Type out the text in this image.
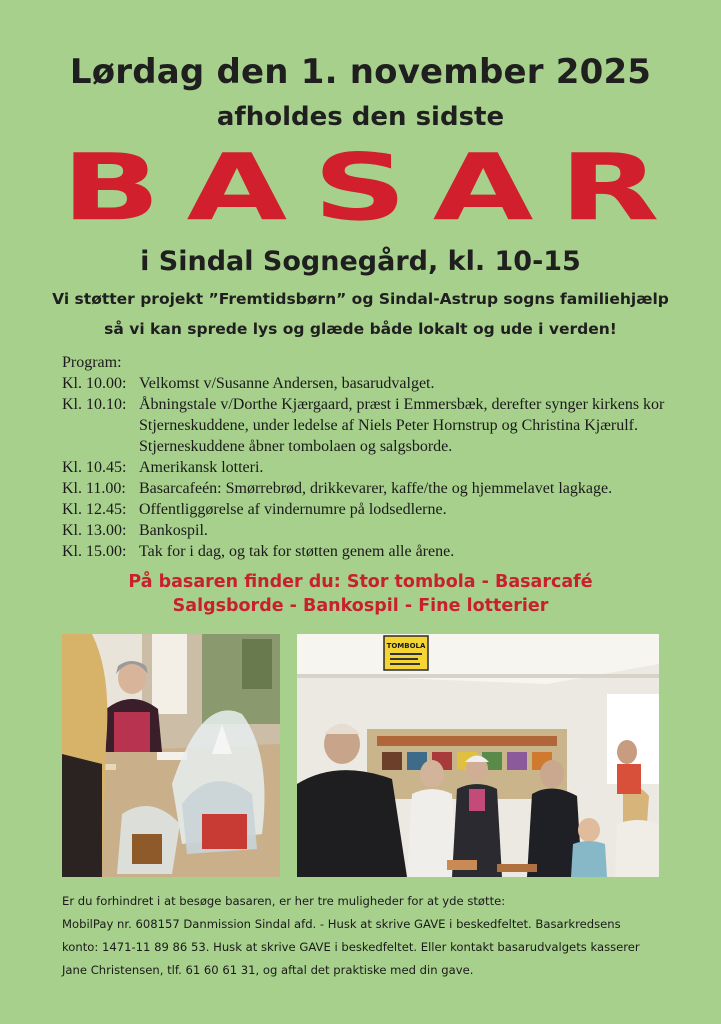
Lørdag den 1. november 2025
afholdes den sidste
BASAR
i Sindal Sognegård, kl. 10-15
Vi støtter projekt ”Fremtidsbørn” og Sindal-Astrup sogns familiehjælp
så vi kan sprede lys og glæde både lokalt og ude i verden!
Program:
Kl. 10.00: Velkomst v/Susanne Andersen, basarudvalget.
Kl. 10.10: Åbningstale v/Dorthe Kjærgaard, præst i Emmersbæk, derefter synger kirkens kor Stjerneskuddene, under ledelse af Niels Peter Hornstrup og Christina Kjærulf. Stjerneskuddene åbner tombolaen og salgsborde.
Kl. 10.45: Amerikansk lotteri.
Kl. 11.00: Basarcafeén: Smørrebrød, drikkevarer, kaffe/the og hjemmelavet lagkage.
Kl. 12.45: Offentliggørelse af vindernumre på lodsedlerne.
Kl. 13.00: Bankospil.
Kl. 15.00: Tak for i dag, og tak for støtten genem alle årene.
På basaren finder du: Stor tombola - Basarcafé
Salgsborde - Bankospil - Fine lotterier
TOMBOLA

Er du forhindret i at besøge basaren, er her tre muligheder for at yde støtte:

MobilPay nr. 608157 Danmission Sindal afd. - Husk at skrive GAVE i beskedfeltet. Basarkredsens

konto: 1471-11 89 86 53. Husk at skrive GAVE i beskedfeltet. Eller kontakt basarudvalgets kasserer

Jane Christensen, tlf. 61 60 61 31, og aftal det praktiske med din gave.
